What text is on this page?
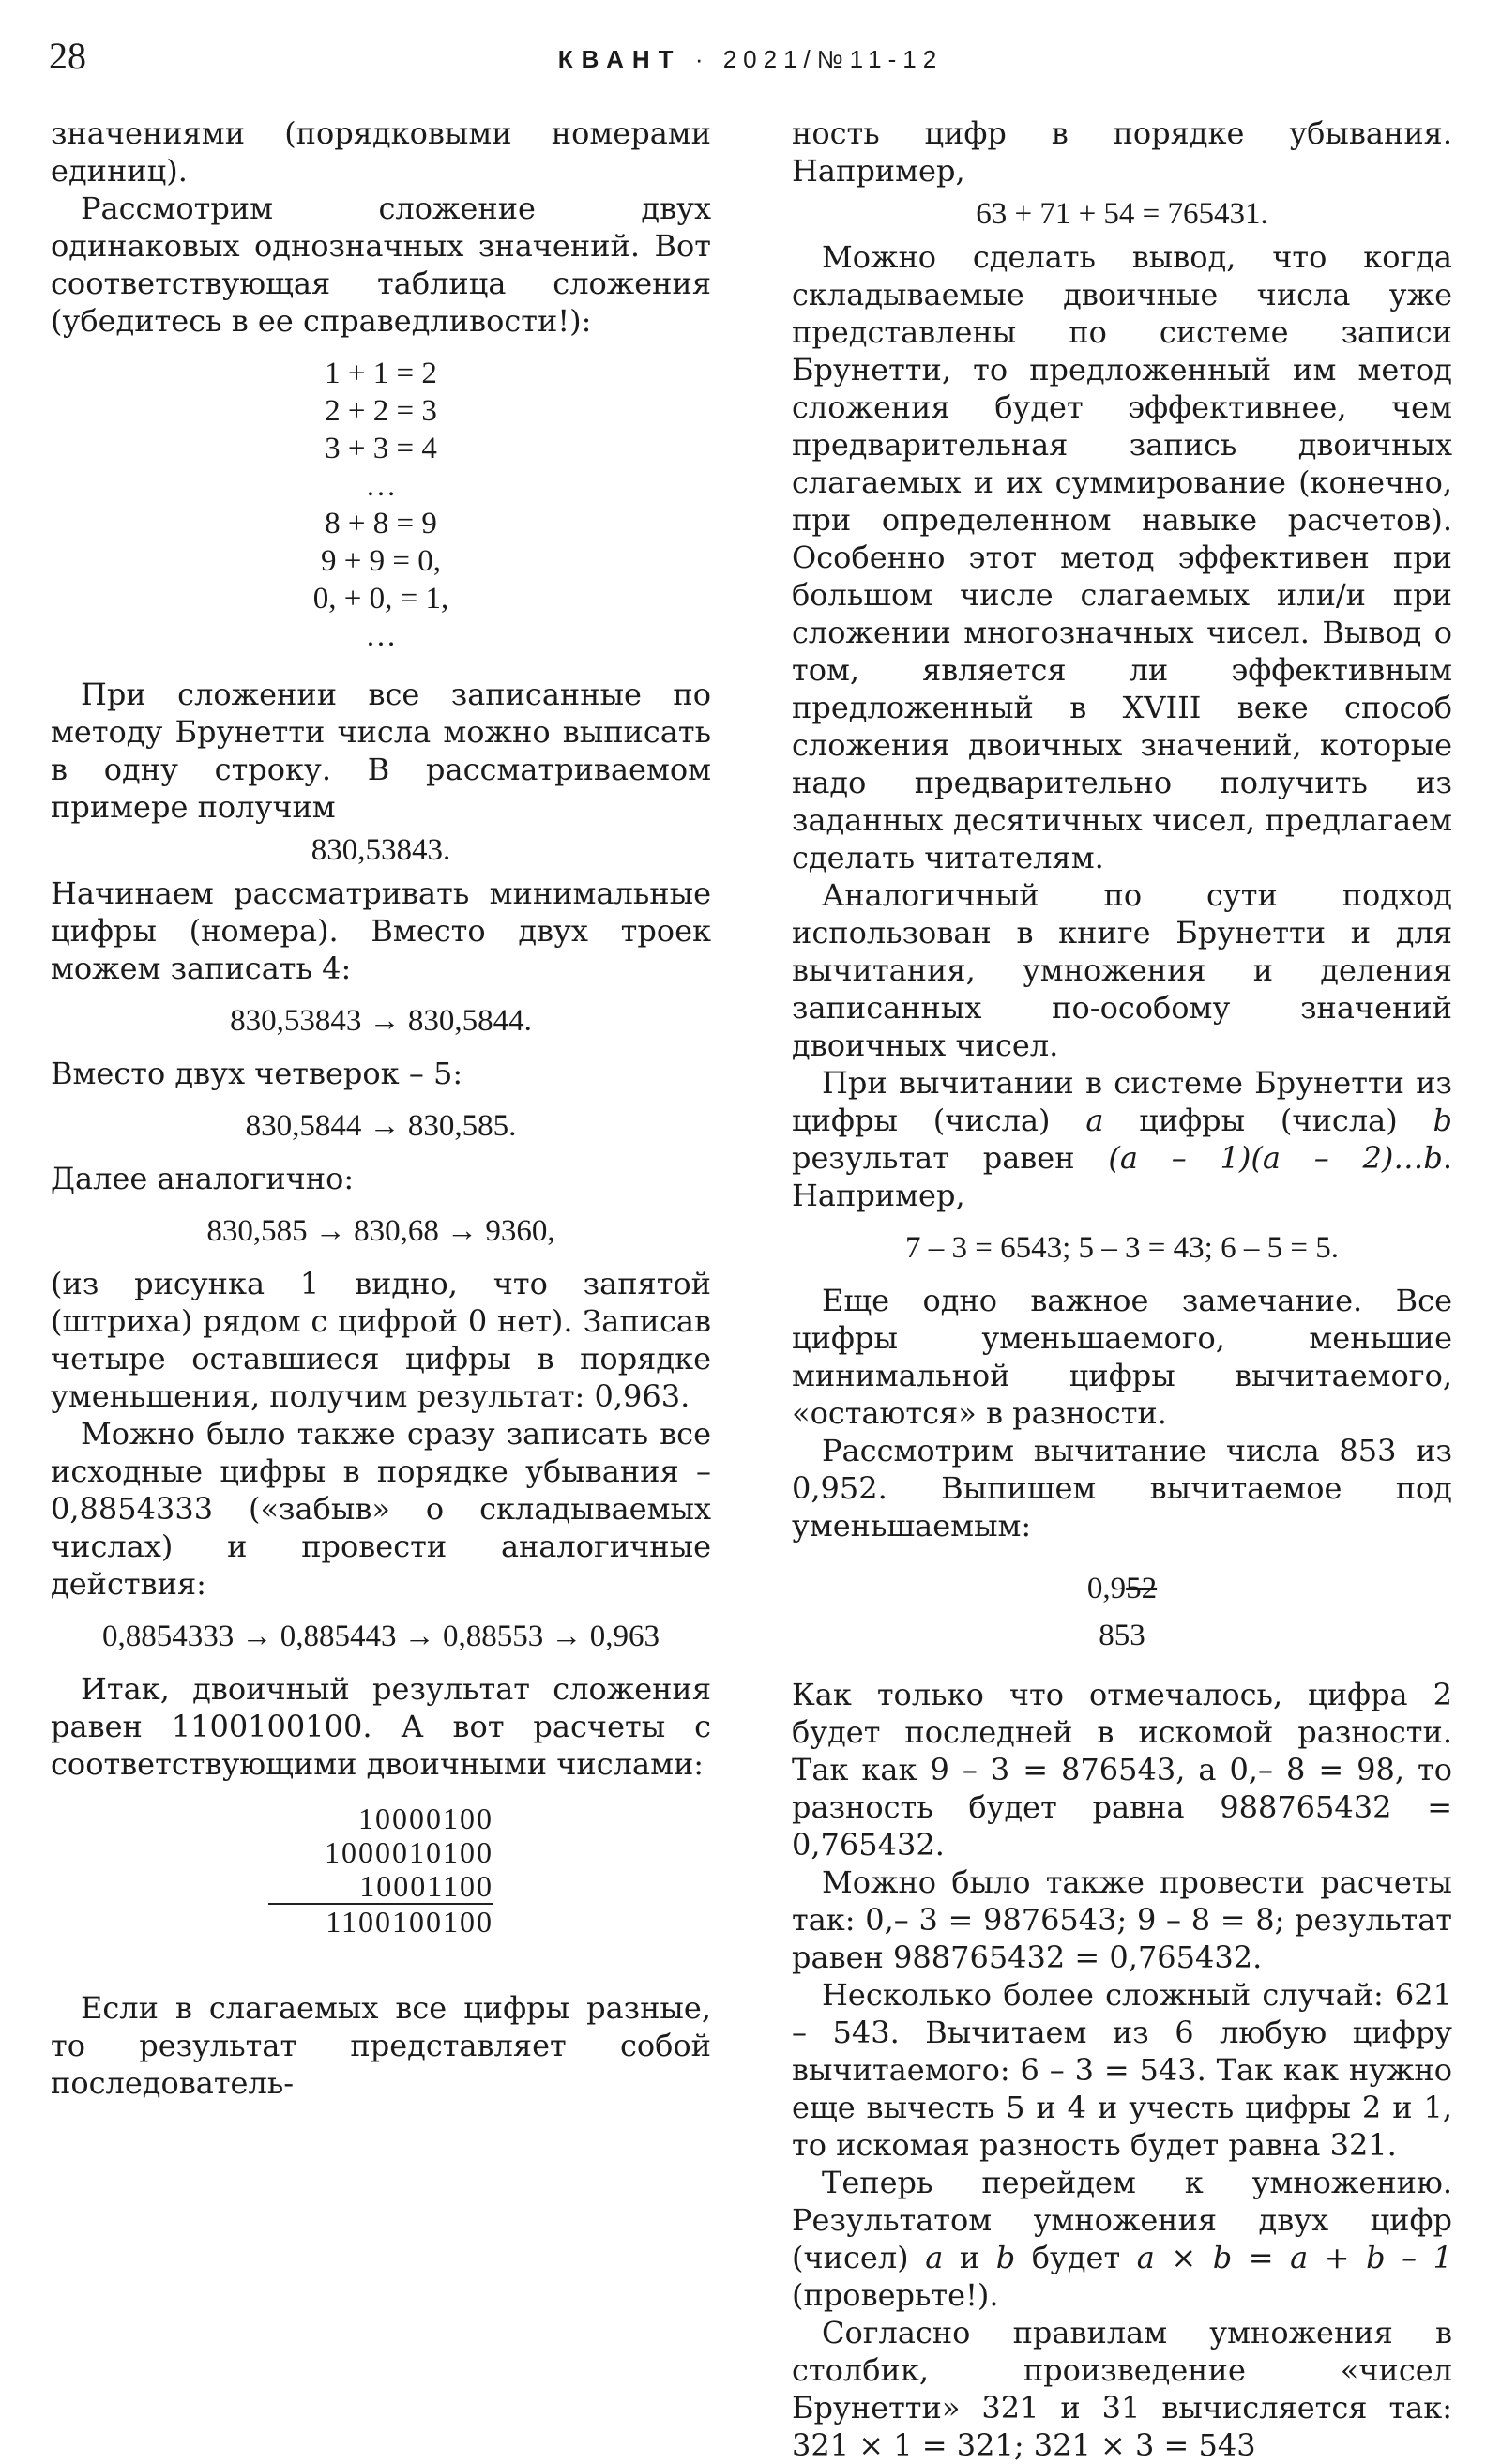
28	КВАНТ · 2021/№11-12

значениями (порядковыми номерами единиц).

Рассмотрим сложение двух одинаковых однозначных значений. Вот соответствующая таблица сложения (убедитесь в ее справедливости!):

1 + 1 = 2
2 + 2 = 3
3 + 3 = 4
…
8 + 8 = 9
9 + 9 = 0,
0, + 0, = 1,
…

При сложении все записанные по методу Брунетти числа можно выписать в одну строку. В рассматриваемом примере получим

830,53843.

Начинаем рассматривать минимальные цифры (номера). Вместо двух троек можем записать 4:

830,53843 → 830,5844.

Вместо двух четверок – 5:

830,5844 → 830,585.

Далее аналогично:

830,585 → 830,68 → 9360,

(из рисунка 1 видно, что запятой (штриха) рядом с цифрой 0 нет). Записав четыре оставшиеся цифры в порядке уменьшения, получим результат: 0,963.

Можно было также сразу записать все исходные цифры в порядке убывания – 0,8854333 («забыв» о складываемых числах) и провести аналогичные действия:

0,8854333 → 0,885443 → 0,88553 → 0,963

Итак, двоичный результат сложения равен 1100100100. А вот расчеты с соответствующими двоичными числами:

10000100
1000010100
10001100
1100100100

Если в слагаемых все цифры разные, то результат представляет собой последователь-

ность цифр в порядке убывания. Например,

63 + 71 + 54 = 765431.

Можно сделать вывод, что когда складываемые двоичные числа уже представлены по системе записи Брунетти, то предложенный им метод сложения будет эффективнее, чем предварительная запись двоичных слагаемых и их суммирование (конечно, при определенном навыке расчетов). Особенно этот метод эффективен при большом числе слагаемых или/и при сложении многозначных чисел. Вывод о том, является ли эффективным предложенный в XVIII веке способ сложения двоичных значений, которые надо предварительно получить из заданных десятичных чисел, предлагаем сделать читателям.

Аналогичный по сути подход использован в книге Брунетти и для вычитания, умножения и деления записанных по-особому значений двоичных чисел.

При вычитании в системе Брунетти из цифры (числа) a цифры (числа) b результат равен (a – 1)(a – 2)…b. Например,

7 – 3 = 6543; 5 – 3 = 43; 6 – 5 = 5.

Еще одно важное замечание. Все цифры уменьшаемого, меньшие минимальной цифры вычитаемого, «остаются» в разности.

Рассмотрим вычитание числа 853 из 0,952. Выпишем вычитаемое под уменьшаемым:

0,952
853

Как только что отмечалось, цифра 2 будет последней в искомой разности. Так как 9 – 3 = 876543, а 0,– 8 = 98, то разность будет равна 988765432 = 0,765432.

Можно было также провести расчеты так: 0,– 3 = 9876543; 9 – 8 = 8; результат равен 988765432 = 0,765432.

Несколько более сложный случай: 621 – 543. Вычитаем из 6 любую цифру вычитаемого: 6 – 3 = 543. Так как нужно еще вычесть 5 и 4 и учесть цифры 2 и 1, то искомая разность будет равна 321.

Теперь перейдем к умножению. Результатом умножения двух цифр (чисел) a и b будет a × b = a + b – 1 (проверьте!).

Согласно правилам умножения в столбик, произведение «чисел Брунетти» 321 и 31 вычисляется так: 321 × 1 = 321; 321 × 3 = 543
